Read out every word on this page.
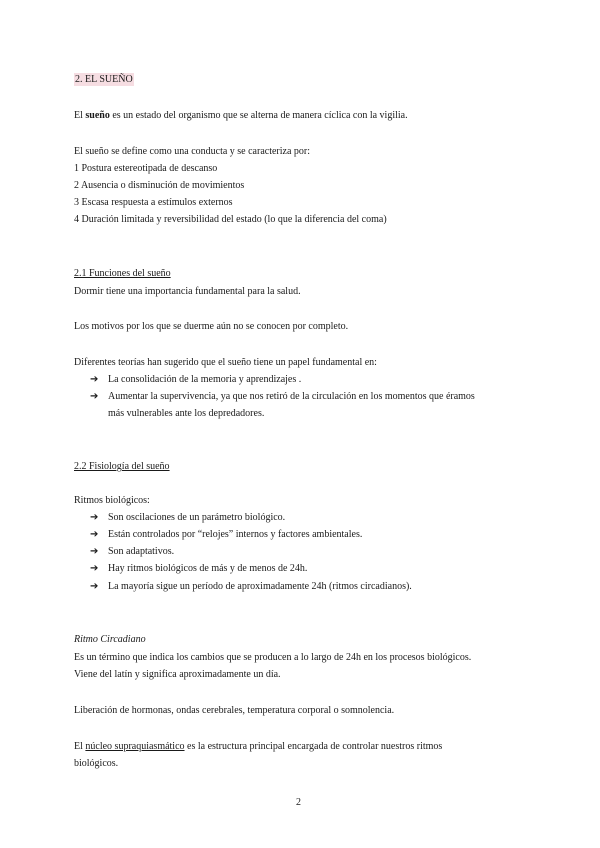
2. EL SUEÑO
El sueño es un estado del organismo que se alterna de manera cíclica con la vigilia.
El sueño se define como una conducta y se caracteriza por:
1 Postura estereotipada de descanso
2 Ausencia o disminución de movimientos
3 Escasa respuesta a estímulos externos
4 Duración limitada y reversibilidad del estado (lo que la diferencia del coma)
2.1 Funciones del sueño
Dormir tiene una importancia fundamental para la salud.
Los motivos por los que se duerme aún no se conocen por completo.
Diferentes teorías han sugerido que el sueño tiene un papel fundamental en:
➔ La consolidación de la memoria y aprendizajes .
➔ Aumentar la supervivencia, ya que nos retiró de la circulación en los momentos que éramos
más vulnerables ante los depredadores.
2.2 Fisiología del sueño
Ritmos biológicos:
➔ Son oscilaciones de un parámetro biológico.
➔ Están controlados por “relojes” internos y factores ambientales.
➔ Son adaptativos.
➔ Hay ritmos biológicos de más y de menos de 24h.
➔ La mayoría sigue un período de aproximadamente 24h (ritmos circadianos).
Ritmo Circadiano
Es un término que indica los cambios que se producen a lo largo de 24h en los procesos biológicos.
Viene del latín y significa aproximadamente un día.
Liberación de hormonas, ondas cerebrales, temperatura corporal o somnolencia.
El núcleo supraquiasmático es la estructura principal encargada de controlar nuestros ritmos
biológicos.
2
